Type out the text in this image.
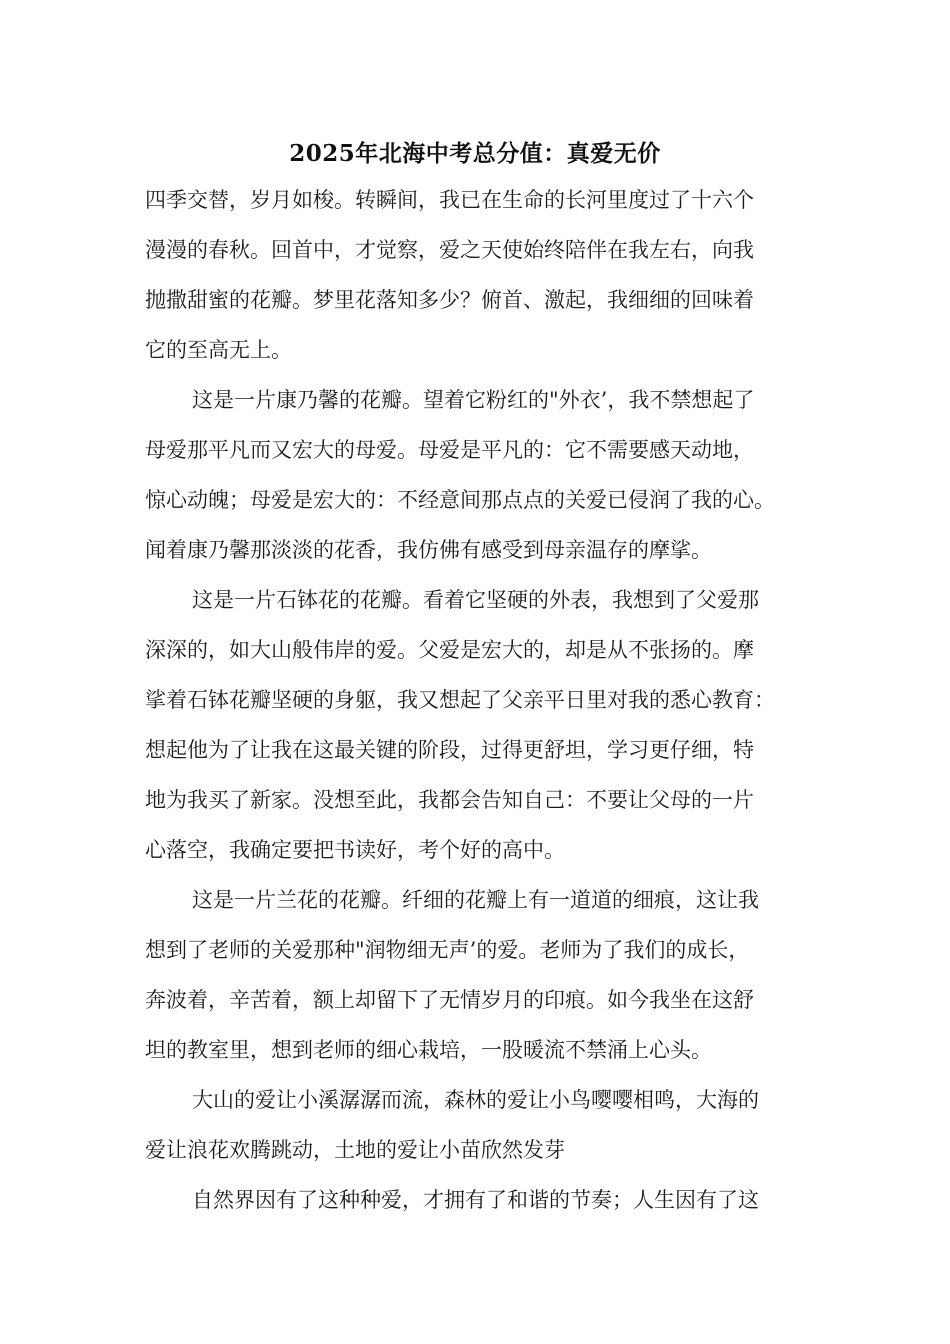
2025年北海中考总分值：真爱无价
四季交替，岁月如梭。转瞬间，我已在生命的长河里度过了十六个
漫漫的春秋。回首中，才觉察，爱之天使始终陪伴在我左右，向我
抛撒甜蜜的花瓣。梦里花落知多少？俯首、激起，我细细的回味着
它的至高无上。
这是一片康乃馨的花瓣。望着它粉红的"外衣’，我不禁想起了
母爱那平凡而又宏大的母爱。母爱是平凡的：它不需要感天动地，
惊心动魄；母爱是宏大的：不经意间那点点的关爱已侵润了我的心。
闻着康乃馨那淡淡的花香，我仿佛有感受到母亲温存的摩挲。
这是一片石钵花的花瓣。看着它坚硬的外表，我想到了父爱那
深深的，如大山般伟岸的爱。父爱是宏大的，却是从不张扬的。摩
挲着石钵花瓣坚硬的身躯，我又想起了父亲平日里对我的悉心教育：
想起他为了让我在这最关键的阶段，过得更舒坦，学习更仔细，特
地为我买了新家。没想至此，我都会告知自己：不要让父母的一片
心落空，我确定要把书读好，考个好的高中。
这是一片兰花的花瓣。纤细的花瓣上有一道道的细痕，这让我
想到了老师的关爱那种"润物细无声’的爱。老师为了我们的成长，
奔波着，辛苦着，额上却留下了无情岁月的印痕。如今我坐在这舒
坦的教室里，想到老师的细心栽培，一股暖流不禁涌上心头。
大山的爱让小溪潺潺而流，森林的爱让小鸟嘤嘤相鸣，大海的
爱让浪花欢腾跳动，土地的爱让小苗欣然发芽
自然界因有了这种种爱，才拥有了和谐的节奏；人生因有了这
